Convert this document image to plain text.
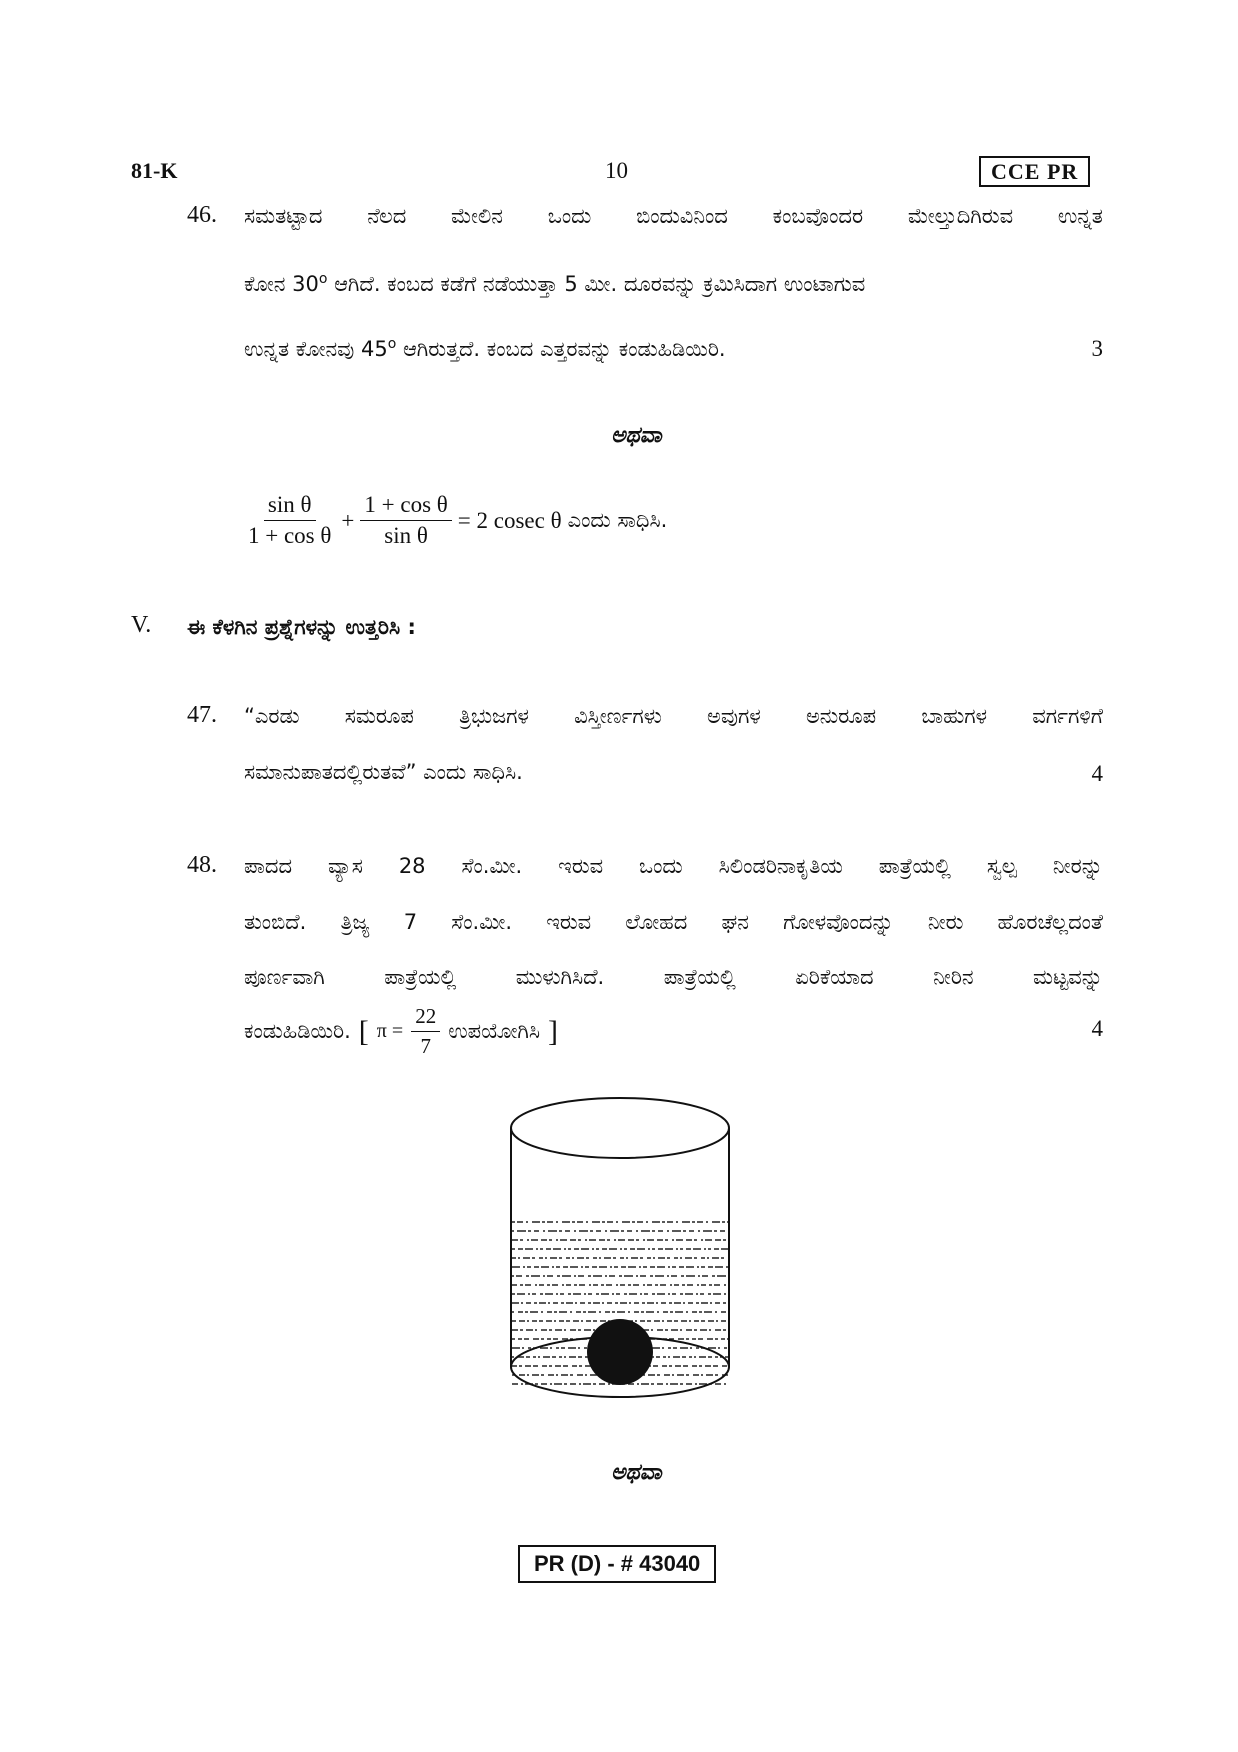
81-K	10	CCE PR
46. ಸಮತಟ್ಟಾದ ನೆಲದ ಮೇಲಿನ ಒಂದು ಬಿಂದುವಿನಿಂದ ಕಂಬವೊಂದರ ಮೇಲ್ತುದಿಗಿರುವ ಉನ್ನತ
ಕೋನ 30$^o$ ಆಗಿದೆ. ಕಂಬದ ಕಡೆಗೆ ನಡೆಯುತ್ತಾ 5 ಮೀ. ದೂರವನ್ನು ಕ್ರಮಿಸಿದಾಗ ಉಂಟಾಗುವ
ಉನ್ನತ ಕೋನವು 45$^o$ ಆಗಿರುತ್ತದೆ. ಕಂಬದ ಎತ್ತರವನ್ನು ಕಂಡುಹಿಡಿಯಿರಿ.	3
ಅಥವಾ
$\frac{\text{sin θ}}{\text{1 + cos θ}} + \frac{\text{1 + cos θ}}{\text{sin θ}} = 2$ cosec θ ಎಂದು ಸಾಧಿಸಿ.
V. ಈ ಕೆಳಗಿನ ಪ್ರಶ್ನೆಗಳನ್ನು ಉತ್ತರಿಸಿ :
47. “ಎರಡು ಸಮರೂಪ ತ್ರಿಭುಜಗಳ ವಿಸ್ತೀರ್ಣಗಳು ಅವುಗಳ ಅನುರೂಪ ಬಾಹುಗಳ ವರ್ಗಗಳಿಗೆ
ಸಮಾನುಪಾತದಲ್ಲಿರುತವೆ” ಎಂದು ಸಾಧಿಸಿ.	4
48. ಪಾದದ ವ್ಯಾಸ 28 ಸೆಂ.ಮೀ. ಇರುವ ಒಂದು ಸಿಲಿಂಡರಿನಾಕೃತಿಯ ಪಾತ್ರೆಯಲ್ಲಿ ಸ್ವಲ್ಪ ನೀರನ್ನು
ತುಂಬಿದೆ. ತ್ರಿಜ್ಯ 7 ಸೆಂ.ಮೀ. ಇರುವ ಲೋಹದ ಘನ ಗೋಳವೊಂದನ್ನು ನೀರು ಹೊರಚೆಲ್ಲದಂತೆ
ಪೂರ್ಣವಾಗಿ	ಪಾತ್ರೆಯಲ್ಲಿ	ಮುಳುಗಿಸಿದೆ.	ಪಾತ್ರೆಯಲ್ಲಿ	ಏರಿಕೆಯಾದ	ನೀರಿನ	ಮಟ್ಟವನ್ನು
ಕಂಡುಹಿಡಿಯಿರಿ. [ $\pi = \frac{22}{7}$ ಉಪಯೋಗಿಸಿ ]	4
ಅಥವಾ
PR (D) - # 43040
